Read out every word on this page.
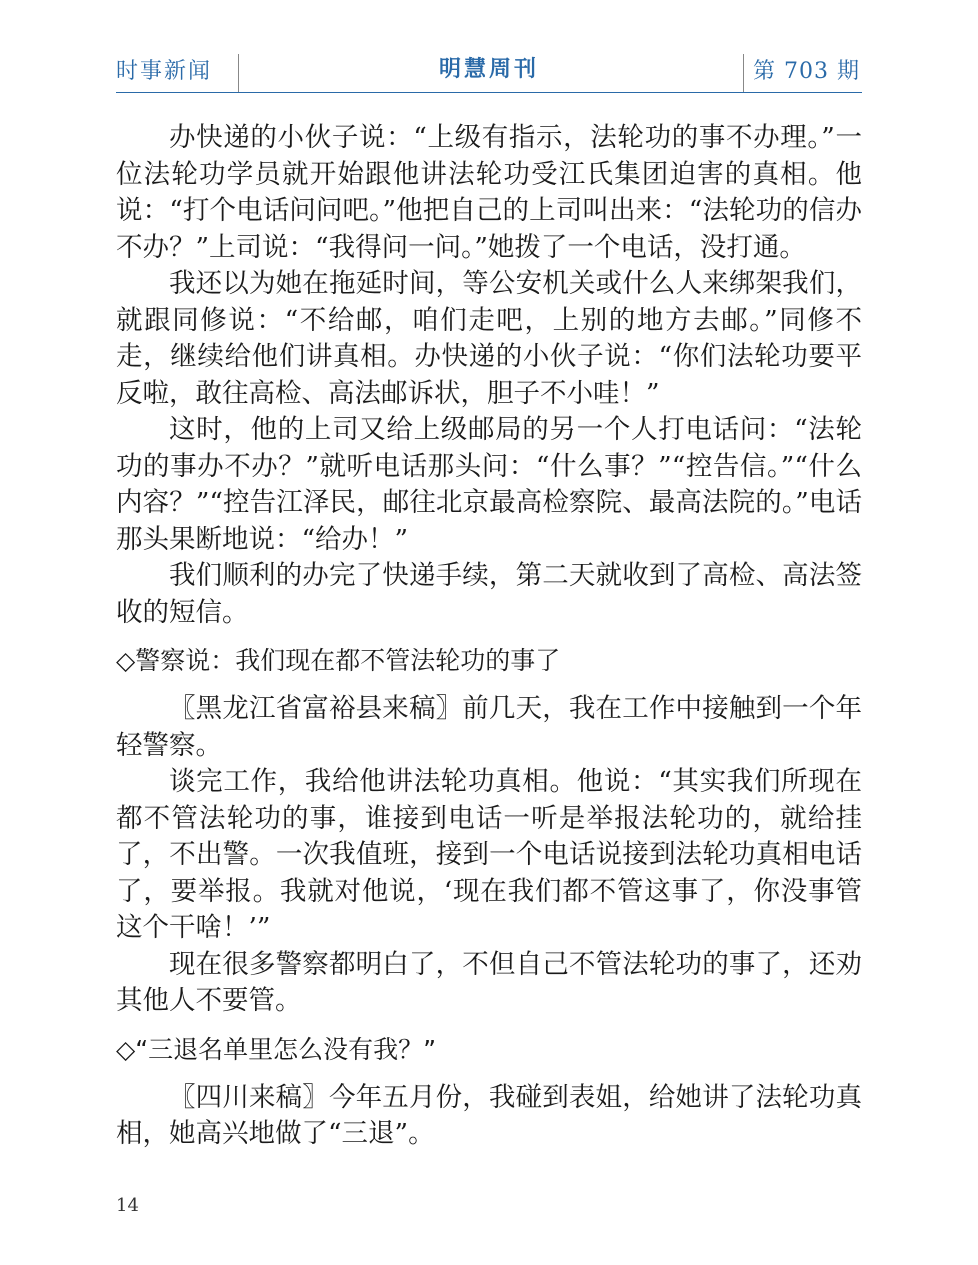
时事新闻	明慧周刊	第 703 期

办快递的小伙子说：“上级有指示，法轮功的事不办理。”一位法轮功学员就开始跟他讲法轮功受江氏集团迫害的真相。他说：“打个电话问问吧。”他把自己的上司叫出来：“法轮功的信办不办？”上司说：“我得问一问。”她拨了一个电话，没打通。

我还以为她在拖延时间，等公安机关或什么人来绑架我们，就跟同修说：“不给邮，咱们走吧，上别的地方去邮。”同修不走，继续给他们讲真相。办快递的小伙子说：“你们法轮功要平反啦，敢往高检、高法邮诉状，胆子不小哇！”

这时，他的上司又给上级邮局的另一个人打电话问：“法轮功的事办不办？”就听电话那头问：“什么事？”“控告信。”“什么内容？”“控告江泽民，邮往北京最高检察院、最高法院的。”电话那头果断地说：“给办！”

我们顺利的办完了快递手续，第二天就收到了高检、高法签收的短信。

◇警察说：我们现在都不管法轮功的事了

〖黑龙江省富裕县来稿〗前几天，我在工作中接触到一个年轻警察。

谈完工作，我给他讲法轮功真相。他说：“其实我们所现在都不管法轮功的事，谁接到电话一听是举报法轮功的，就给挂了，不出警。一次我值班，接到一个电话说接到法轮功真相电话了，要举报。我就对他说，‘现在我们都不管这事了，你没事管这个干啥！’”

现在很多警察都明白了，不但自己不管法轮功的事了，还劝其他人不要管。

◇“三退名单里怎么没有我？”

〖四川来稿〗今年五月份，我碰到表姐，给她讲了法轮功真相，她高兴地做了“三退”。

14
